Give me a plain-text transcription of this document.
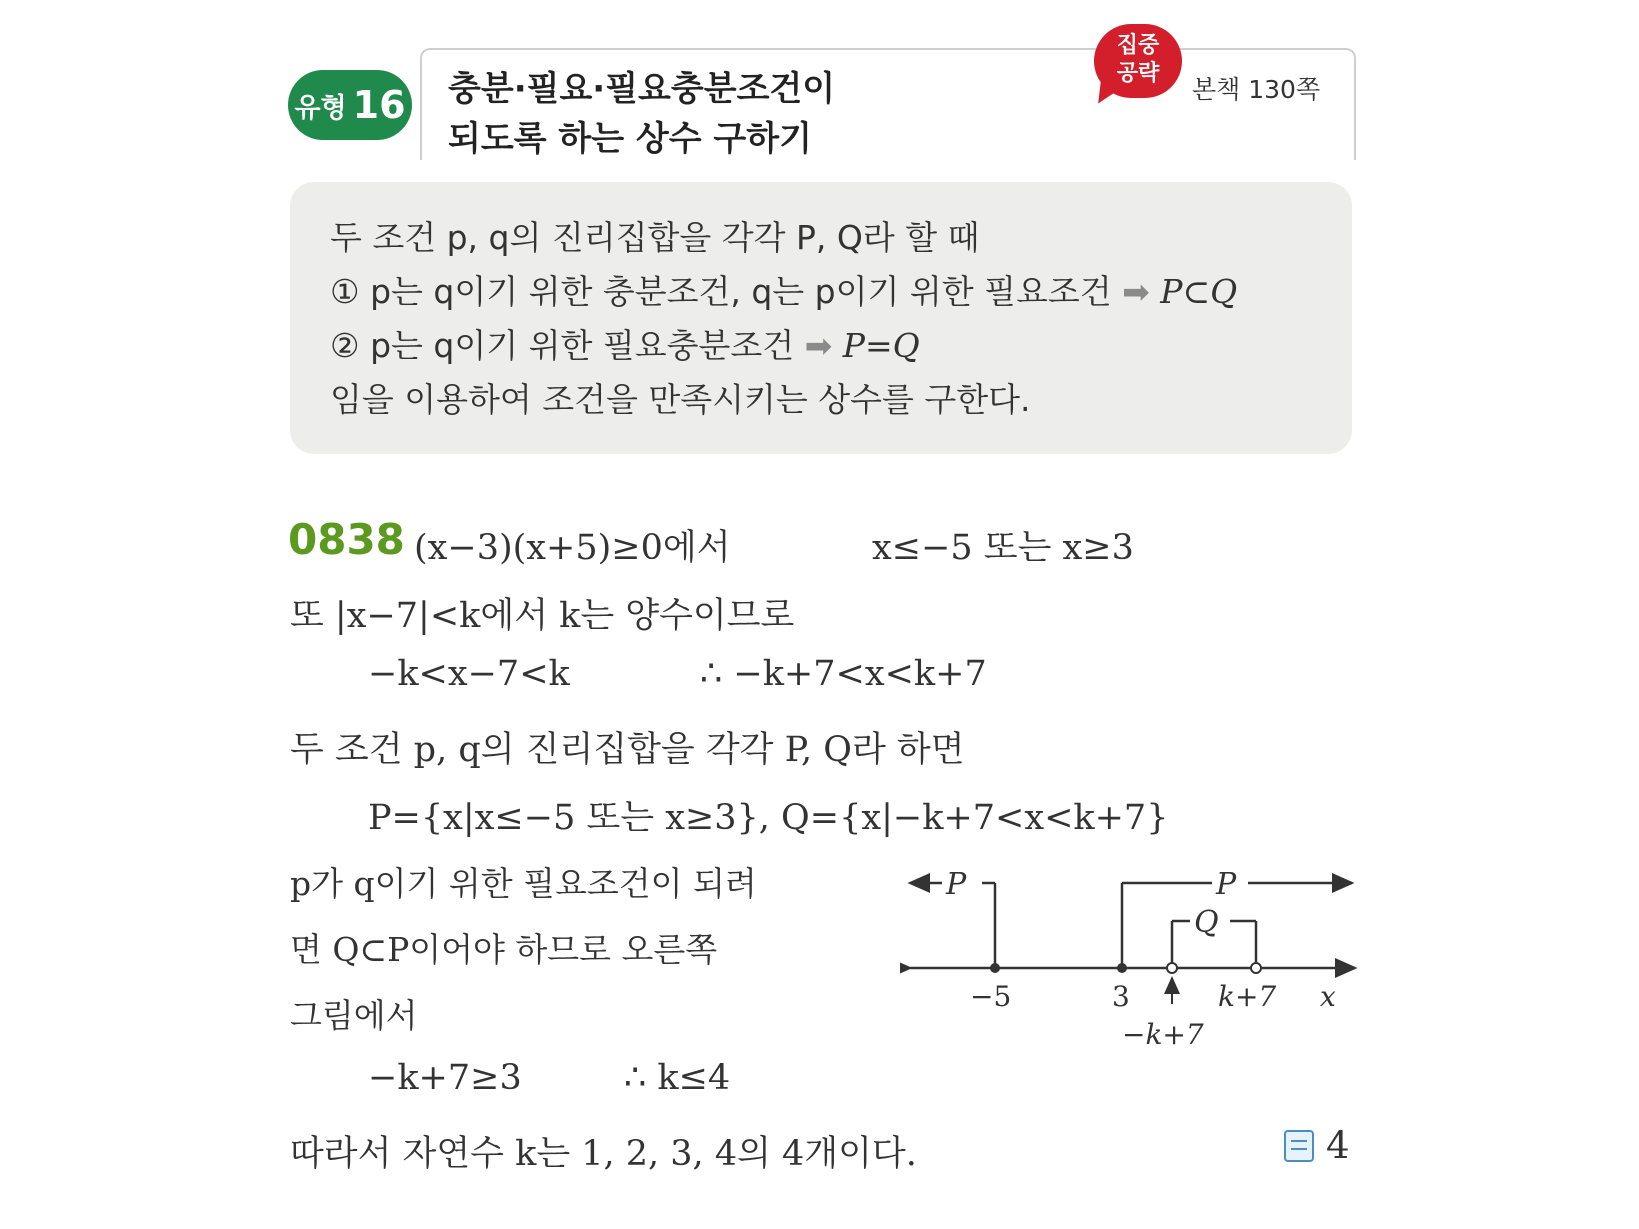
유형 16 충분·필요·필요충분조건이
되도록 하는 상수 구하기
집중
공략
본책 130쪽
두 조건 p, q의 진리집합을 각각 P, Q라 할 때
① p는 q이기 위한 충분조건, q는 p이기 위한 필요조건 ➡ P⊂Q
② p는 q이기 위한 필요충분조건 ➡ P=Q
임을 이용하여 조건을 만족시키는 상수를 구한다.
0838 (x−3)(x+5)≥0에서	x≤−5 또는 x≥3
또 |x−7|<k에서 k는 양수이므로
−k<x−7<k	∴ −k+7<x<k+7
두 조건 p, q의 진리집합을 각각 P, Q라 하면
P={x|x≤−5 또는 x≥3}, Q={x|−k+7<x<k+7}
p가 q이기 위한 필요조건이 되려
면 Q⊂P이어야 하므로 오른쪽
그림에서
−k+7≥3	∴ k≤4
따라서 자연수 k는 1, 2, 3, 4의 4개이다.	4
P	P
Q
−5	3	k+7 x
−k+7
